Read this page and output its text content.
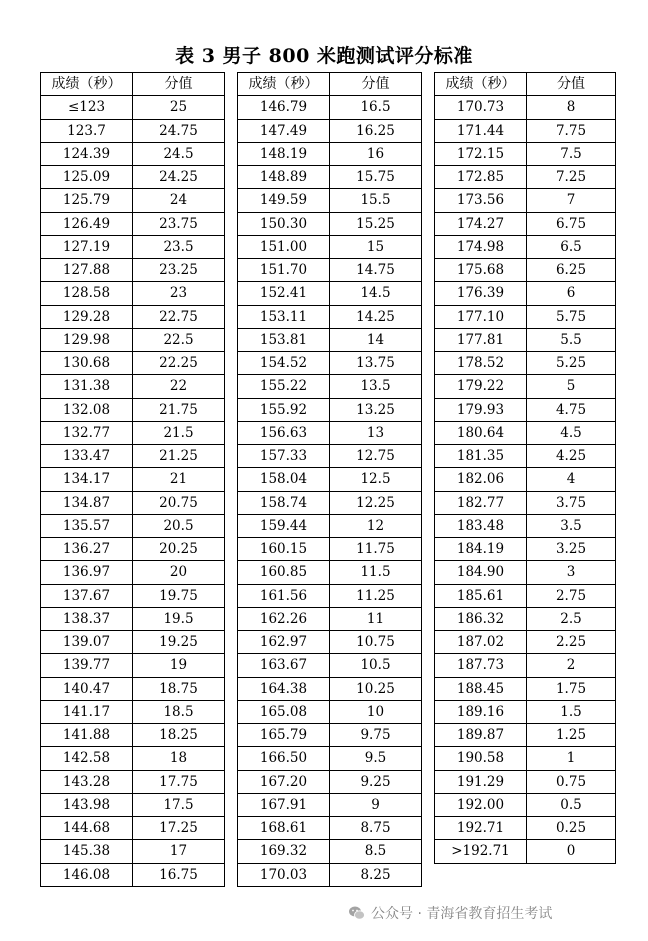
表 3 男子 800 米跑测试评分标准
成绩（秒）	分值
≤123	25
123.7	24.75
124.39	24.5
125.09	24.25
125.79	24
126.49	23.75
127.19	23.5
127.88	23.25
128.58	23
129.28	22.75
129.98	22.5
130.68	22.25
131.38	22
132.08	21.75
132.77	21.5
133.47	21.25
134.17	21
134.87	20.75
135.57	20.5
136.27	20.25
136.97	20
137.67	19.75
138.37	19.5
139.07	19.25
139.77	19
140.47	18.75
141.17	18.5
141.88	18.25
142.58	18
143.28	17.75
143.98	17.5
144.68	17.25
145.38	17
146.08	16.75
成绩（秒）	分值
146.79	16.5
147.49	16.25
148.19	16
148.89	15.75
149.59	15.5
150.30	15.25
151.00	15
151.70	14.75
152.41	14.5
153.11	14.25
153.81	14
154.52	13.75
155.22	13.5
155.92	13.25
156.63	13
157.33	12.75
158.04	12.5
158.74	12.25
159.44	12
160.15	11.75
160.85	11.5
161.56	11.25
162.26	11
162.97	10.75
163.67	10.5
164.38	10.25
165.08	10
165.79	9.75
166.50	9.5
167.20	9.25
167.91	9
168.61	8.75
169.32	8.5
170.03	8.25
成绩（秒）	分值
170.73	8
171.44	7.75
172.15	7.5
172.85	7.25
173.56	7
174.27	6.75
174.98	6.5
175.68	6.25
176.39	6
177.10	5.75
177.81	5.5
178.52	5.25
179.22	5
179.93	4.75
180.64	4.5
181.35	4.25
182.06	4
182.77	3.75
183.48	3.5
184.19	3.25
184.90	3
185.61	2.75
186.32	2.5
187.02	2.25
187.73	2
188.45	1.75
189.16	1.5
189.87	1.25
190.58	1
191.29	0.75
192.00	0.5
192.71	0.25
>192.71	0
公众号 · 青海省教育招生考试
